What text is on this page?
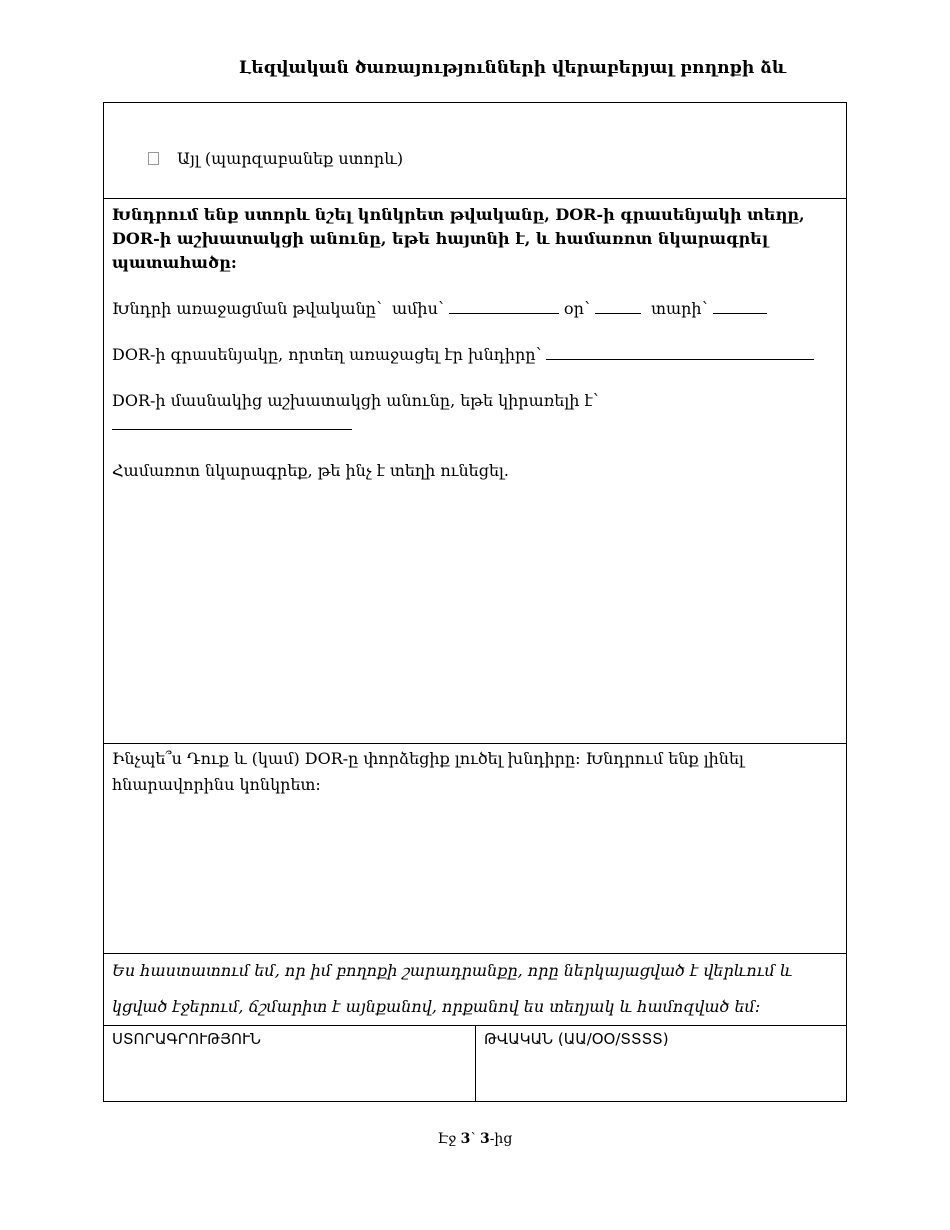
Լեզվական ծառայությունների վերաբերյալ բողոքի ձև
Այլ (պարզաբանեք ստորև)
Խնդրում ենք ստորև նշել կոնկրետ թվականը, DOR-ի գրասենյակի տեղը, DOR-ի աշխատակցի անունը, եթե հայտնի է, և համառոտ նկարագրել պատահածը:
Խնդրի առաջացման թվականը՝ ամիս՝	օր՝	տարի՝
DOR-ի գրասենյակը, որտեղ առաջացել էր խնդիրը՝
DOR-ի մասնակից աշխատակցի անունը, եթե կիրառելի է՝

Համառոտ նկարագրեք, թե ինչ է տեղի ունեցել.
Ինչպե՞ս Դուք և (կամ) DOR-ը փորձեցիք լուծել խնդիրը: Խնդրում ենք լինել հնարավորինս կոնկրետ:
Ես հաստատում եմ, որ իմ բողոքի շարադրանքը, որը ներկայացված է վերևում և
կցված էջերում, ճշմարիտ է այնքանով, որքանով ես տեղյակ և համոզված եմ:
ՍՏՈՐԱԳՐՈՒԹՅՈՒՆ	ԹՎԱԿԱՆ (ԱԱ/ՕՕ/ՏՏՏՏ)
Էջ 3՝ 3-ից
